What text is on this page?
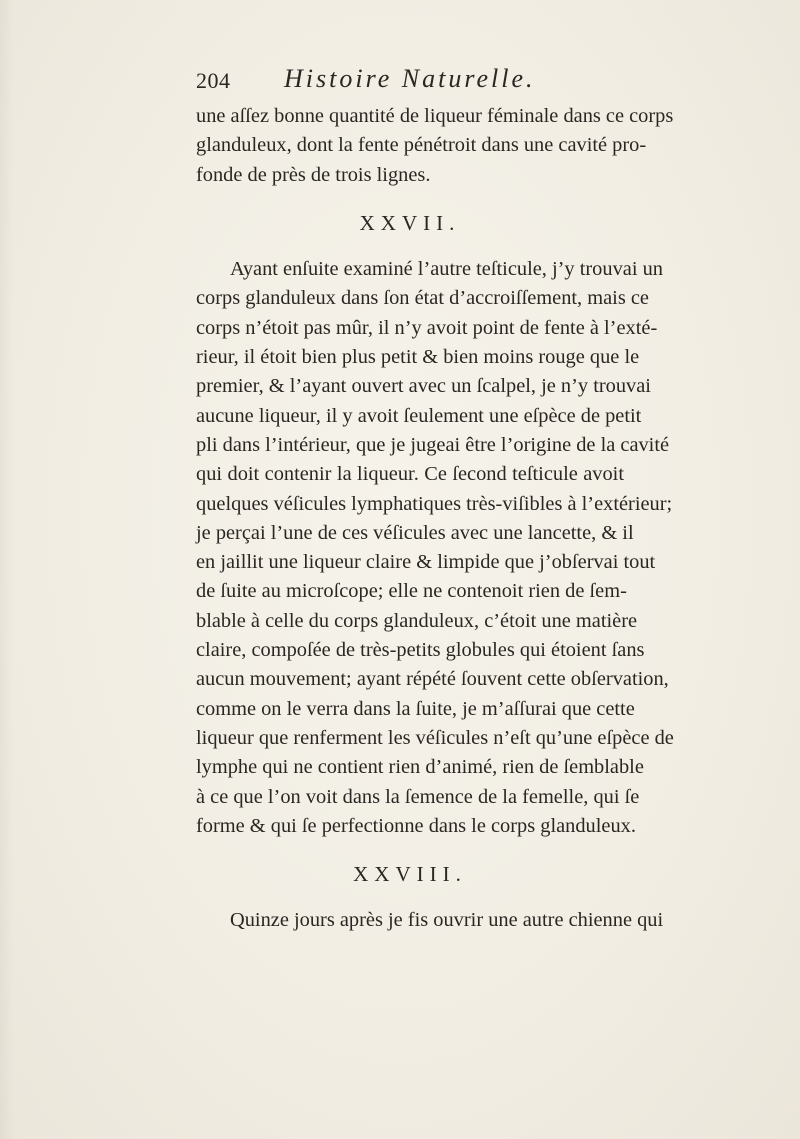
204 Histoire Naturelle.
une aſſez bonne quantité de liqueur féminale dans ce corps
glanduleux, dont la fente pénétroit dans une cavité pro-
fonde de près de trois lignes.
XXVII.
Ayant enſuite examiné l’autre teſticule, j’y trouvai un
corps glanduleux dans ſon état d’accroiſſement, mais ce
corps n’étoit pas mûr, il n’y avoit point de fente à l’exté-
rieur, il étoit bien plus petit & bien moins rouge que le
premier, & l’ayant ouvert avec un ſcalpel, je n’y trouvai
aucune liqueur, il y avoit ſeulement une eſpèce de petit
pli dans l’intérieur, que je jugeai être l’origine de la cavité
qui doit contenir la liqueur. Ce ſecond teſticule avoit
quelques véſicules lymphatiques très-viſibles à l’extérieur;
je perçai l’une de ces véſicules avec une lancette, & il
en jaillit une liqueur claire & limpide que j’obſervai tout
de ſuite au microſcope; elle ne contenoit rien de ſem-
blable à celle du corps glanduleux, c’étoit une matière
claire, compoſée de très-petits globules qui étoient ſans
aucun mouvement; ayant répété ſouvent cette obſervation,
comme on le verra dans la ſuite, je m’aſſurai que cette
liqueur que renferment les véſicules n’eſt qu’une eſpèce de
lymphe qui ne contient rien d’animé, rien de ſemblable
à ce que l’on voit dans la ſemence de la femelle, qui ſe
forme & qui ſe perfectionne dans le corps glanduleux.
XXVIII.
Quinze jours après je fis ouvrir une autre chienne qui
